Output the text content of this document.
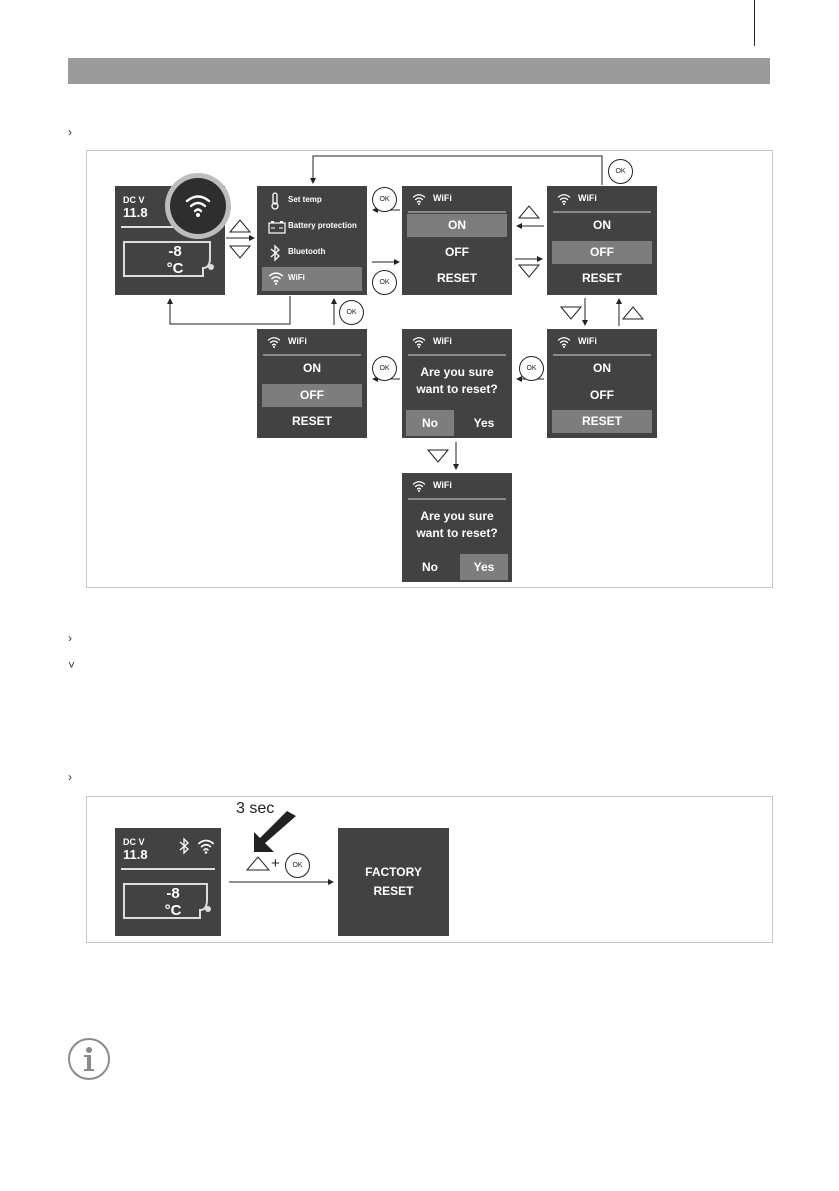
›
›
˅
›
DC V
11.8
-8
°C
Set temp
Battery protection
Bluetooth
WiFi
WiFi
ON
OFF
RESET
WiFi
ON
OFF
RESET
WiFi
ON
OFF
RESET
WiFi
Are you sure
want to reset?
No	Yes
WiFi
ON
OFF
RESET
WiFi
Are you sure
want to reset?
No	Yes
OK
OK
OK
OK
OK	OK
DC V
11.8
-8
°C
3 sec
+	OK	FACTORY
RESET
